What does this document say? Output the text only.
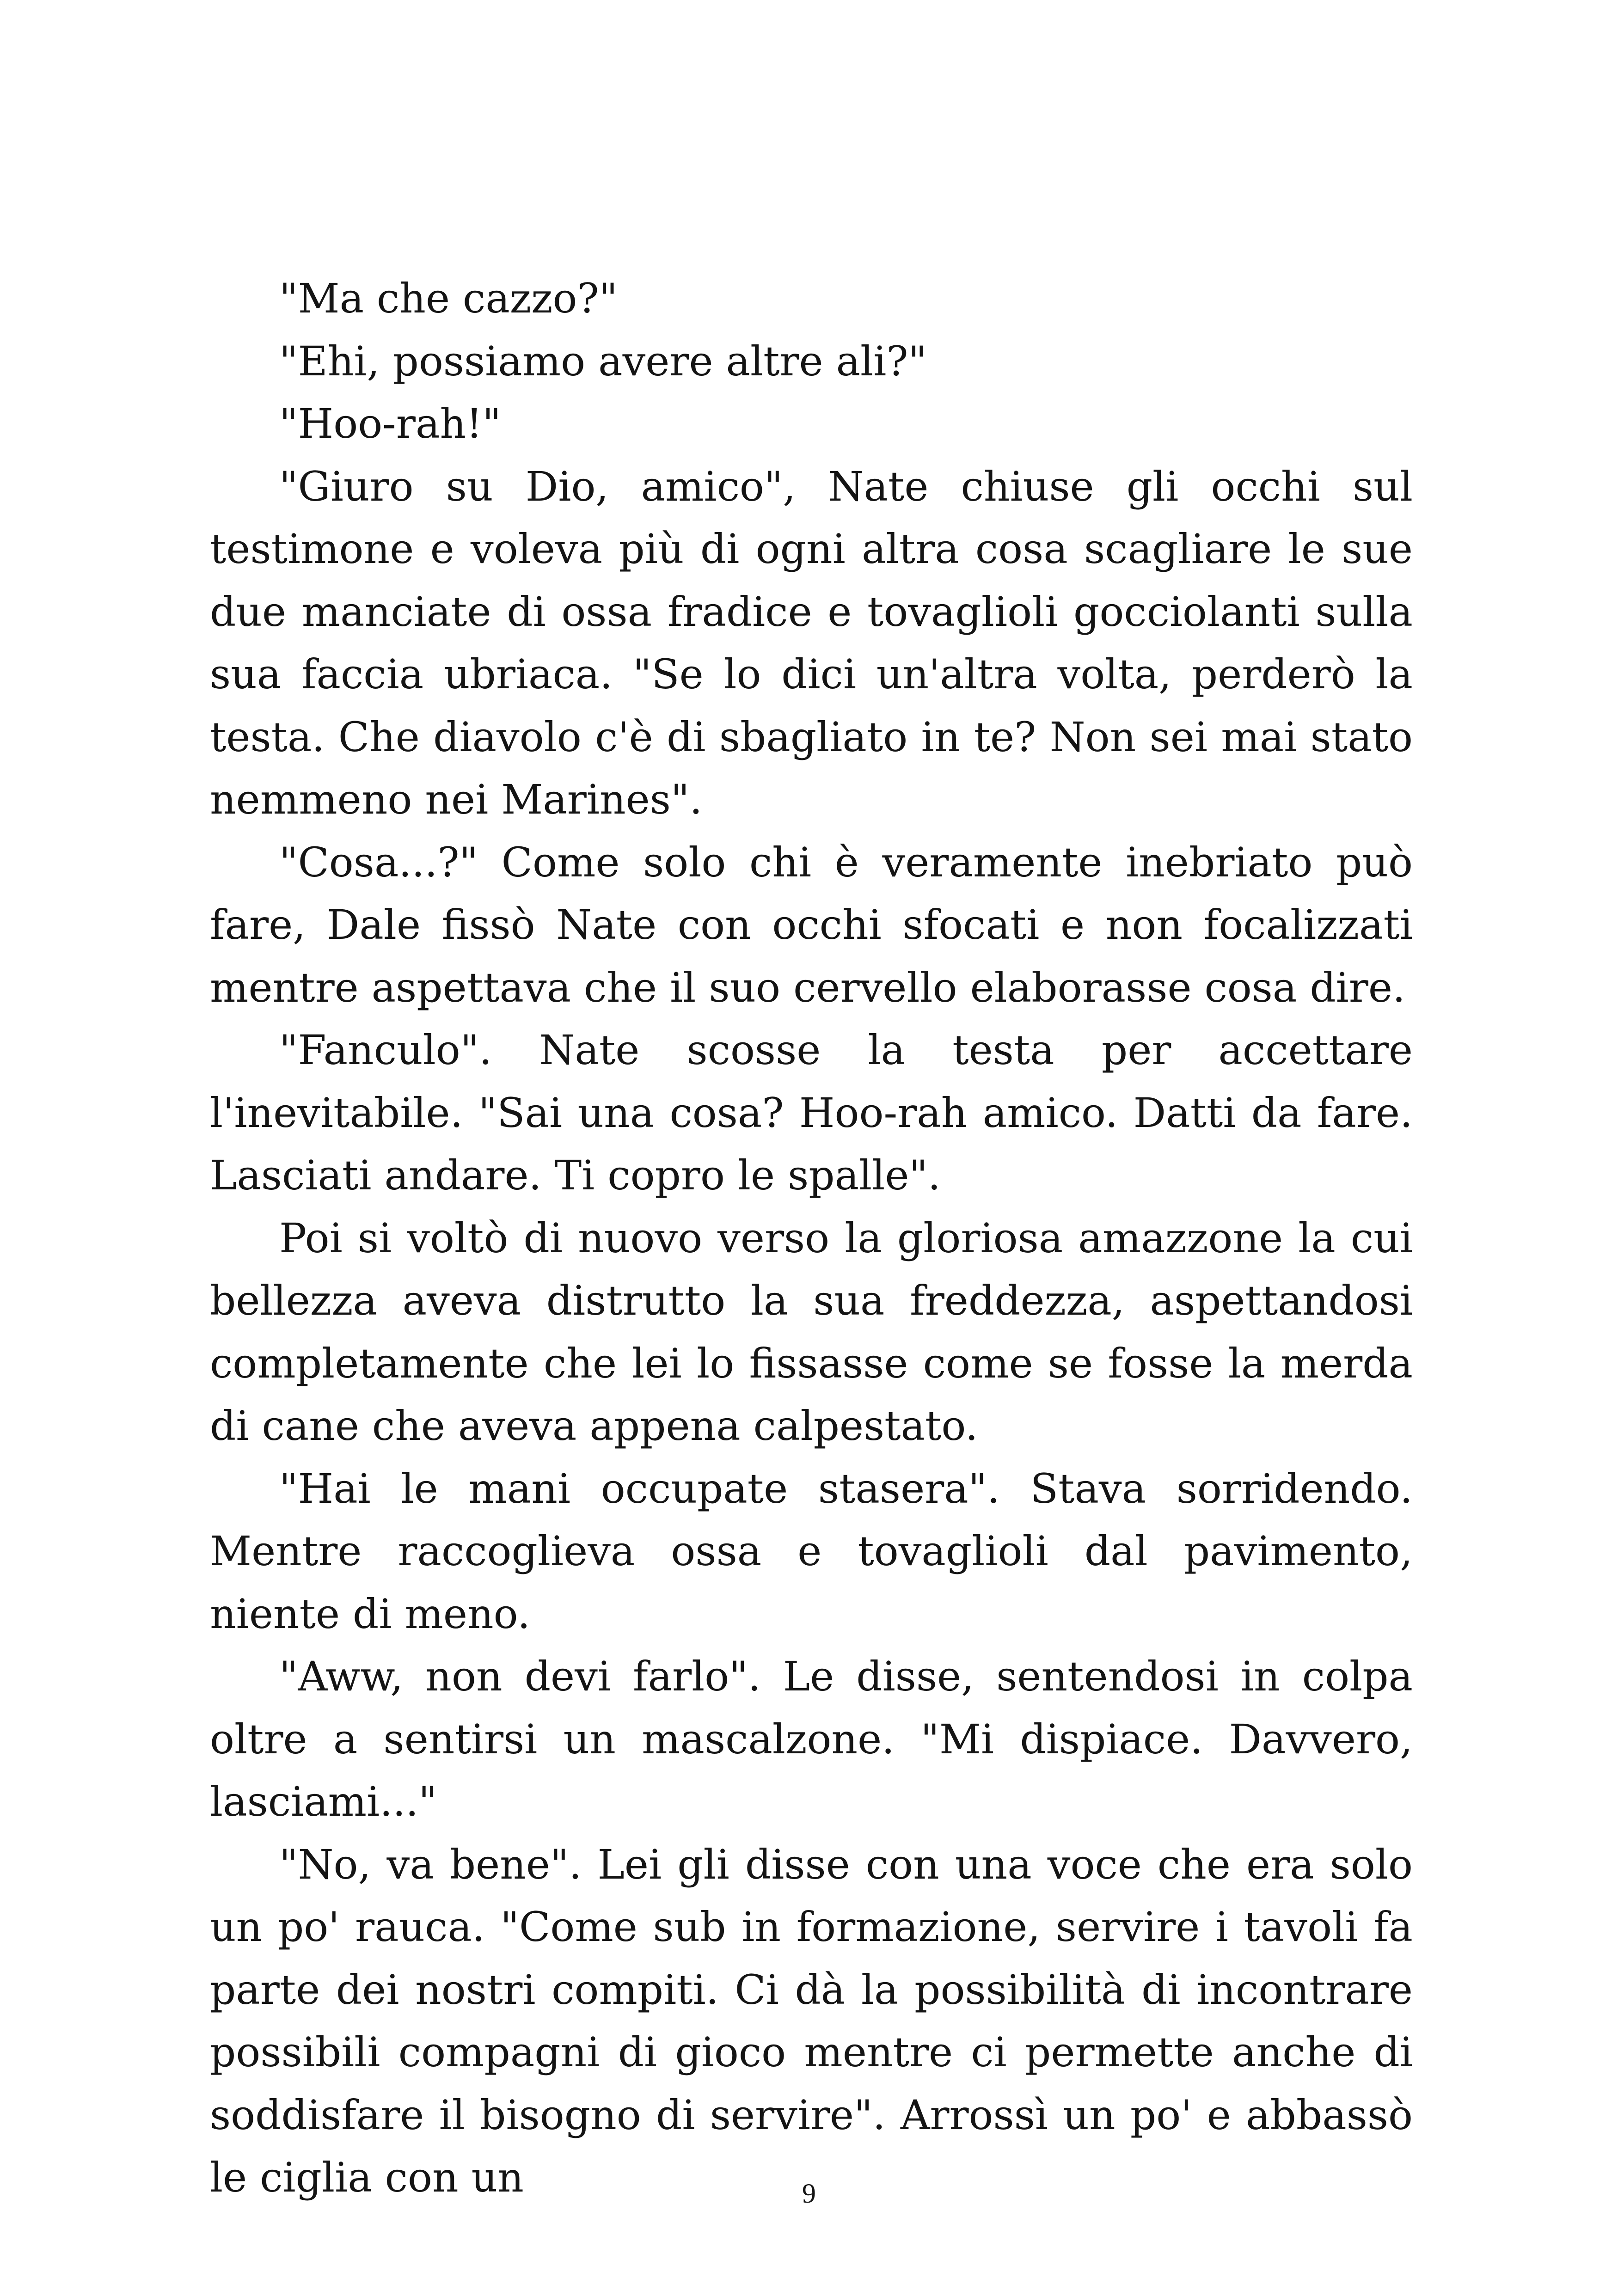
"Ma che cazzo?"

"Ehi, possiamo avere altre ali?"

"Hoo-rah!"

"Giuro su Dio, amico", Nate chiuse gli occhi sul testimone e voleva più di ogni altra cosa scagliare le sue due manciate di ossa fradice e tovaglioli gocciolanti sulla sua faccia ubriaca. "Se lo dici un'altra volta, perderò la testa. Che diavolo c'è di sbagliato in te? Non sei mai stato nemmeno nei Marines".

"Cosa...?" Come solo chi è veramente inebriato può fare, Dale fissò Nate con occhi sfocati e non focalizzati mentre aspettava che il suo cervello elaborasse cosa dire.

"Fanculo". Nate scosse la testa per accettare l'inevitabile. "Sai una cosa? Hoo-rah amico. Datti da fare. Lasciati andare. Ti copro le spalle".

Poi si voltò di nuovo verso la gloriosa amazzone la cui bellezza aveva distrutto la sua freddezza, aspettandosi completamente che lei lo fissasse come se fosse la merda di cane che aveva appena calpestato.

"Hai le mani occupate stasera". Stava sorridendo. Mentre raccoglieva ossa e tovaglioli dal pavimento, niente di meno.

"Aww, non devi farlo". Le disse, sentendosi in colpa oltre a sentirsi un mascalzone. "Mi dispiace. Davvero, lasciami..."

"No, va bene". Lei gli disse con una voce che era solo un po' rauca. "Come sub in formazione, servire i tavoli fa parte dei nostri compiti. Ci dà la possibilità di incontrare possibili compagni di gioco mentre ci permette anche di soddisfare il bisogno di servire". Arrossì un po' e abbassò le ciglia con un	9
